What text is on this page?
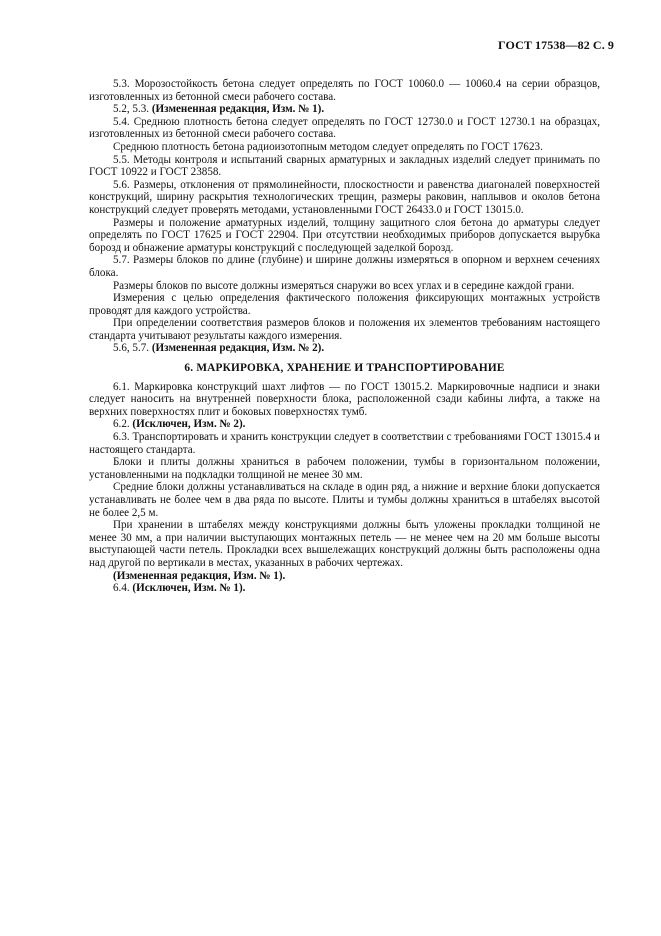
ГОСТ 17538—82 С. 9

5.3. Морозостойкость бетона следует определять по ГОСТ 10060.0 — 10060.4 на серии образцов, изготовленных из бетонной смеси рабочего состава.

5.2, 5.3. (Измененная редакция, Изм. № 1).

5.4. Среднюю плотность бетона следует определять по ГОСТ 12730.0 и ГОСТ 12730.1 на образцах, изготовленных из бетонной смеси рабочего состава.

Среднюю плотность бетона радиоизотопным методом следует определять по ГОСТ 17623.

5.5. Методы контроля и испытаний сварных арматурных и закладных изделий следует принимать по ГОСТ 10922 и ГОСТ 23858.

5.6. Размеры, отклонения от прямолинейности, плоскостности и равенства диагоналей поверхностей конструкций, ширину раскрытия технологических трещин, размеры раковин, наплывов и околов бетона конструкций следует проверять методами, установленными ГОСТ 26433.0 и ГОСТ 13015.0.

Размеры и положение арматурных изделий, толщину защитного слоя бетона до арматуры следует определять по ГОСТ 17625 и ГОСТ 22904. При отсутствии необходимых приборов допускается вырубка борозд и обнажение арматуры конструкций с последующей заделкой борозд.

5.7. Размеры блоков по длине (глубине) и ширине должны измеряться в опорном и верхнем сечениях блока.

Размеры блоков по высоте должны измеряться снаружи во всех углах и в середине каждой грани.

Измерения с целью определения фактического положения фиксирующих монтажных устройств проводят для каждого устройства.

При определении соответствия размеров блоков и положения их элементов требованиям настоящего стандарта учитывают результаты каждого измерения.

5.6, 5.7. (Измененная редакция, Изм. № 2).

6. МАРКИРОВКА, ХРАНЕНИЕ И ТРАНСПОРТИРОВАНИЕ

6.1. Маркировка конструкций шахт лифтов — по ГОСТ 13015.2. Маркировочные надписи и знаки следует наносить на внутренней поверхности блока, расположенной сзади кабины лифта, а также на верхних поверхностях плит и боковых поверхностях тумб.

6.2. (Исключен, Изм. № 2).

6.3. Транспортировать и хранить конструкции следует в соответствии с требованиями ГОСТ 13015.4 и настоящего стандарта.

Блоки и плиты должны храниться в рабочем положении, тумбы в горизонтальном положении, установленными на подкладки толщиной не менее 30 мм.

Средние блоки должны устанавливаться на складе в один ряд, а нижние и верхние блоки допускается устанавливать не более чем в два ряда по высоте. Плиты и тумбы должны храниться в штабелях высотой не более 2,5 м.

При хранении в штабелях между конструкциями должны быть уложены прокладки толщиной не менее 30 мм, а при наличии выступающих монтажных петель — не менее чем на 20 мм больше высоты выступающей части петель. Прокладки всех вышележащих конструкций должны быть расположены одна над другой по вертикали в местах, указанных в рабочих чертежах.

(Измененная редакция, Изм. № 1).

6.4. (Исключен, Изм. № 1).
